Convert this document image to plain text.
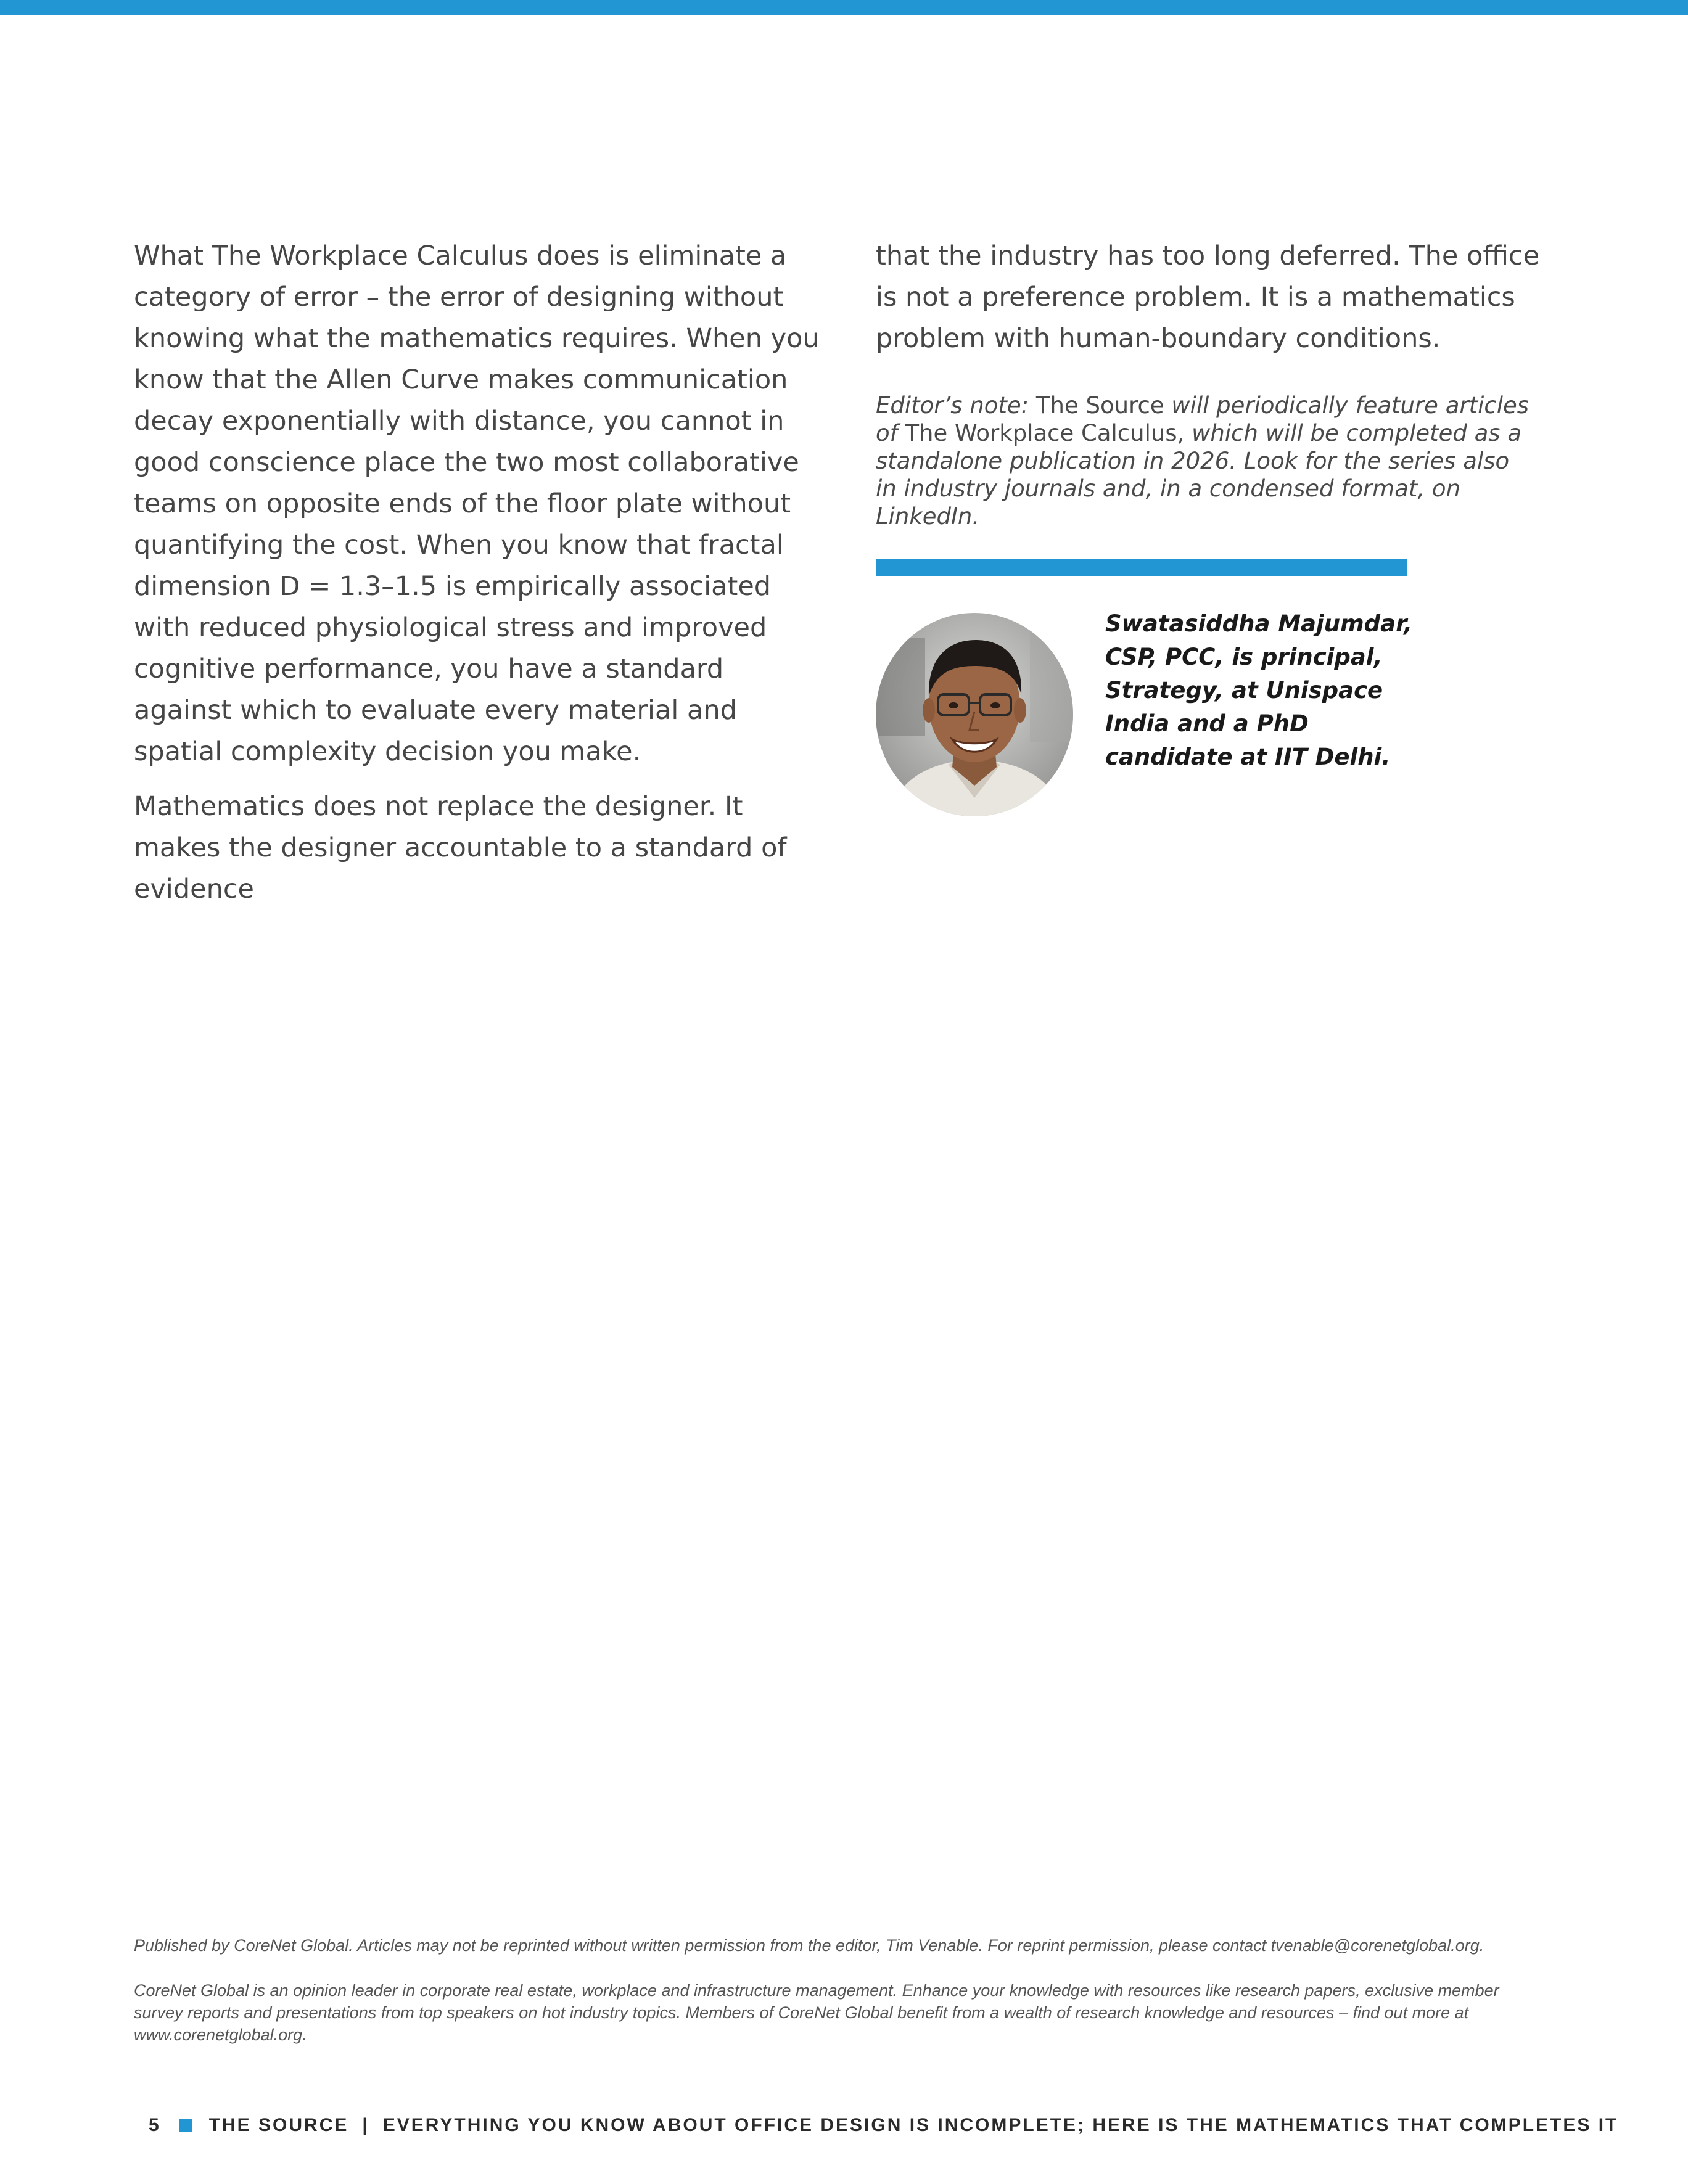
What The Workplace Calculus does is eliminate a category of error – the error of designing without knowing what the mathematics requires. When you know that the Allen Curve makes communication decay exponentially with distance, you cannot in good conscience place the two most collaborative teams on opposite ends of the floor plate without quantifying the cost. When you know that fractal dimension D = 1.3–1.5 is empirically associated with reduced physiological stress and improved cognitive performance, you have a standard against which to evaluate every material and spatial complexity decision you make.

Mathematics does not replace the designer. It makes the designer accountable to a standard of evidence

that the industry has too long deferred. The office is not a preference problem. It is a mathematics problem with human-boundary conditions.

Editor’s note: The Source will periodically feature articles of The Workplace Calculus, which will be completed as a standalone publication in 2026. Look for the series also in industry journals and, in a condensed format, on LinkedIn.
Swatasiddha Majumdar, CSP, PCC, is principal, Strategy, at Unispace India and a PhD candidate at IIT Delhi.
Published by CoreNet Global. Articles may not be reprinted without written permission from the editor, Tim Venable. For reprint permission, please contact tvenable@corenetglobal.org.
CoreNet Global is an opinion leader in corporate real estate, workplace and infrastructure management. Enhance your knowledge with resources like research papers, exclusive member survey reports and presentations from top speakers on hot industry topics. Members of CoreNet Global benefit from a wealth of research knowledge and resources – find out more at www.corenetglobal.org.
5	THE SOURCE | EVERYTHING YOU KNOW ABOUT OFFICE DESIGN IS INCOMPLETE; HERE IS THE MATHEMATICS THAT COMPLETES IT
